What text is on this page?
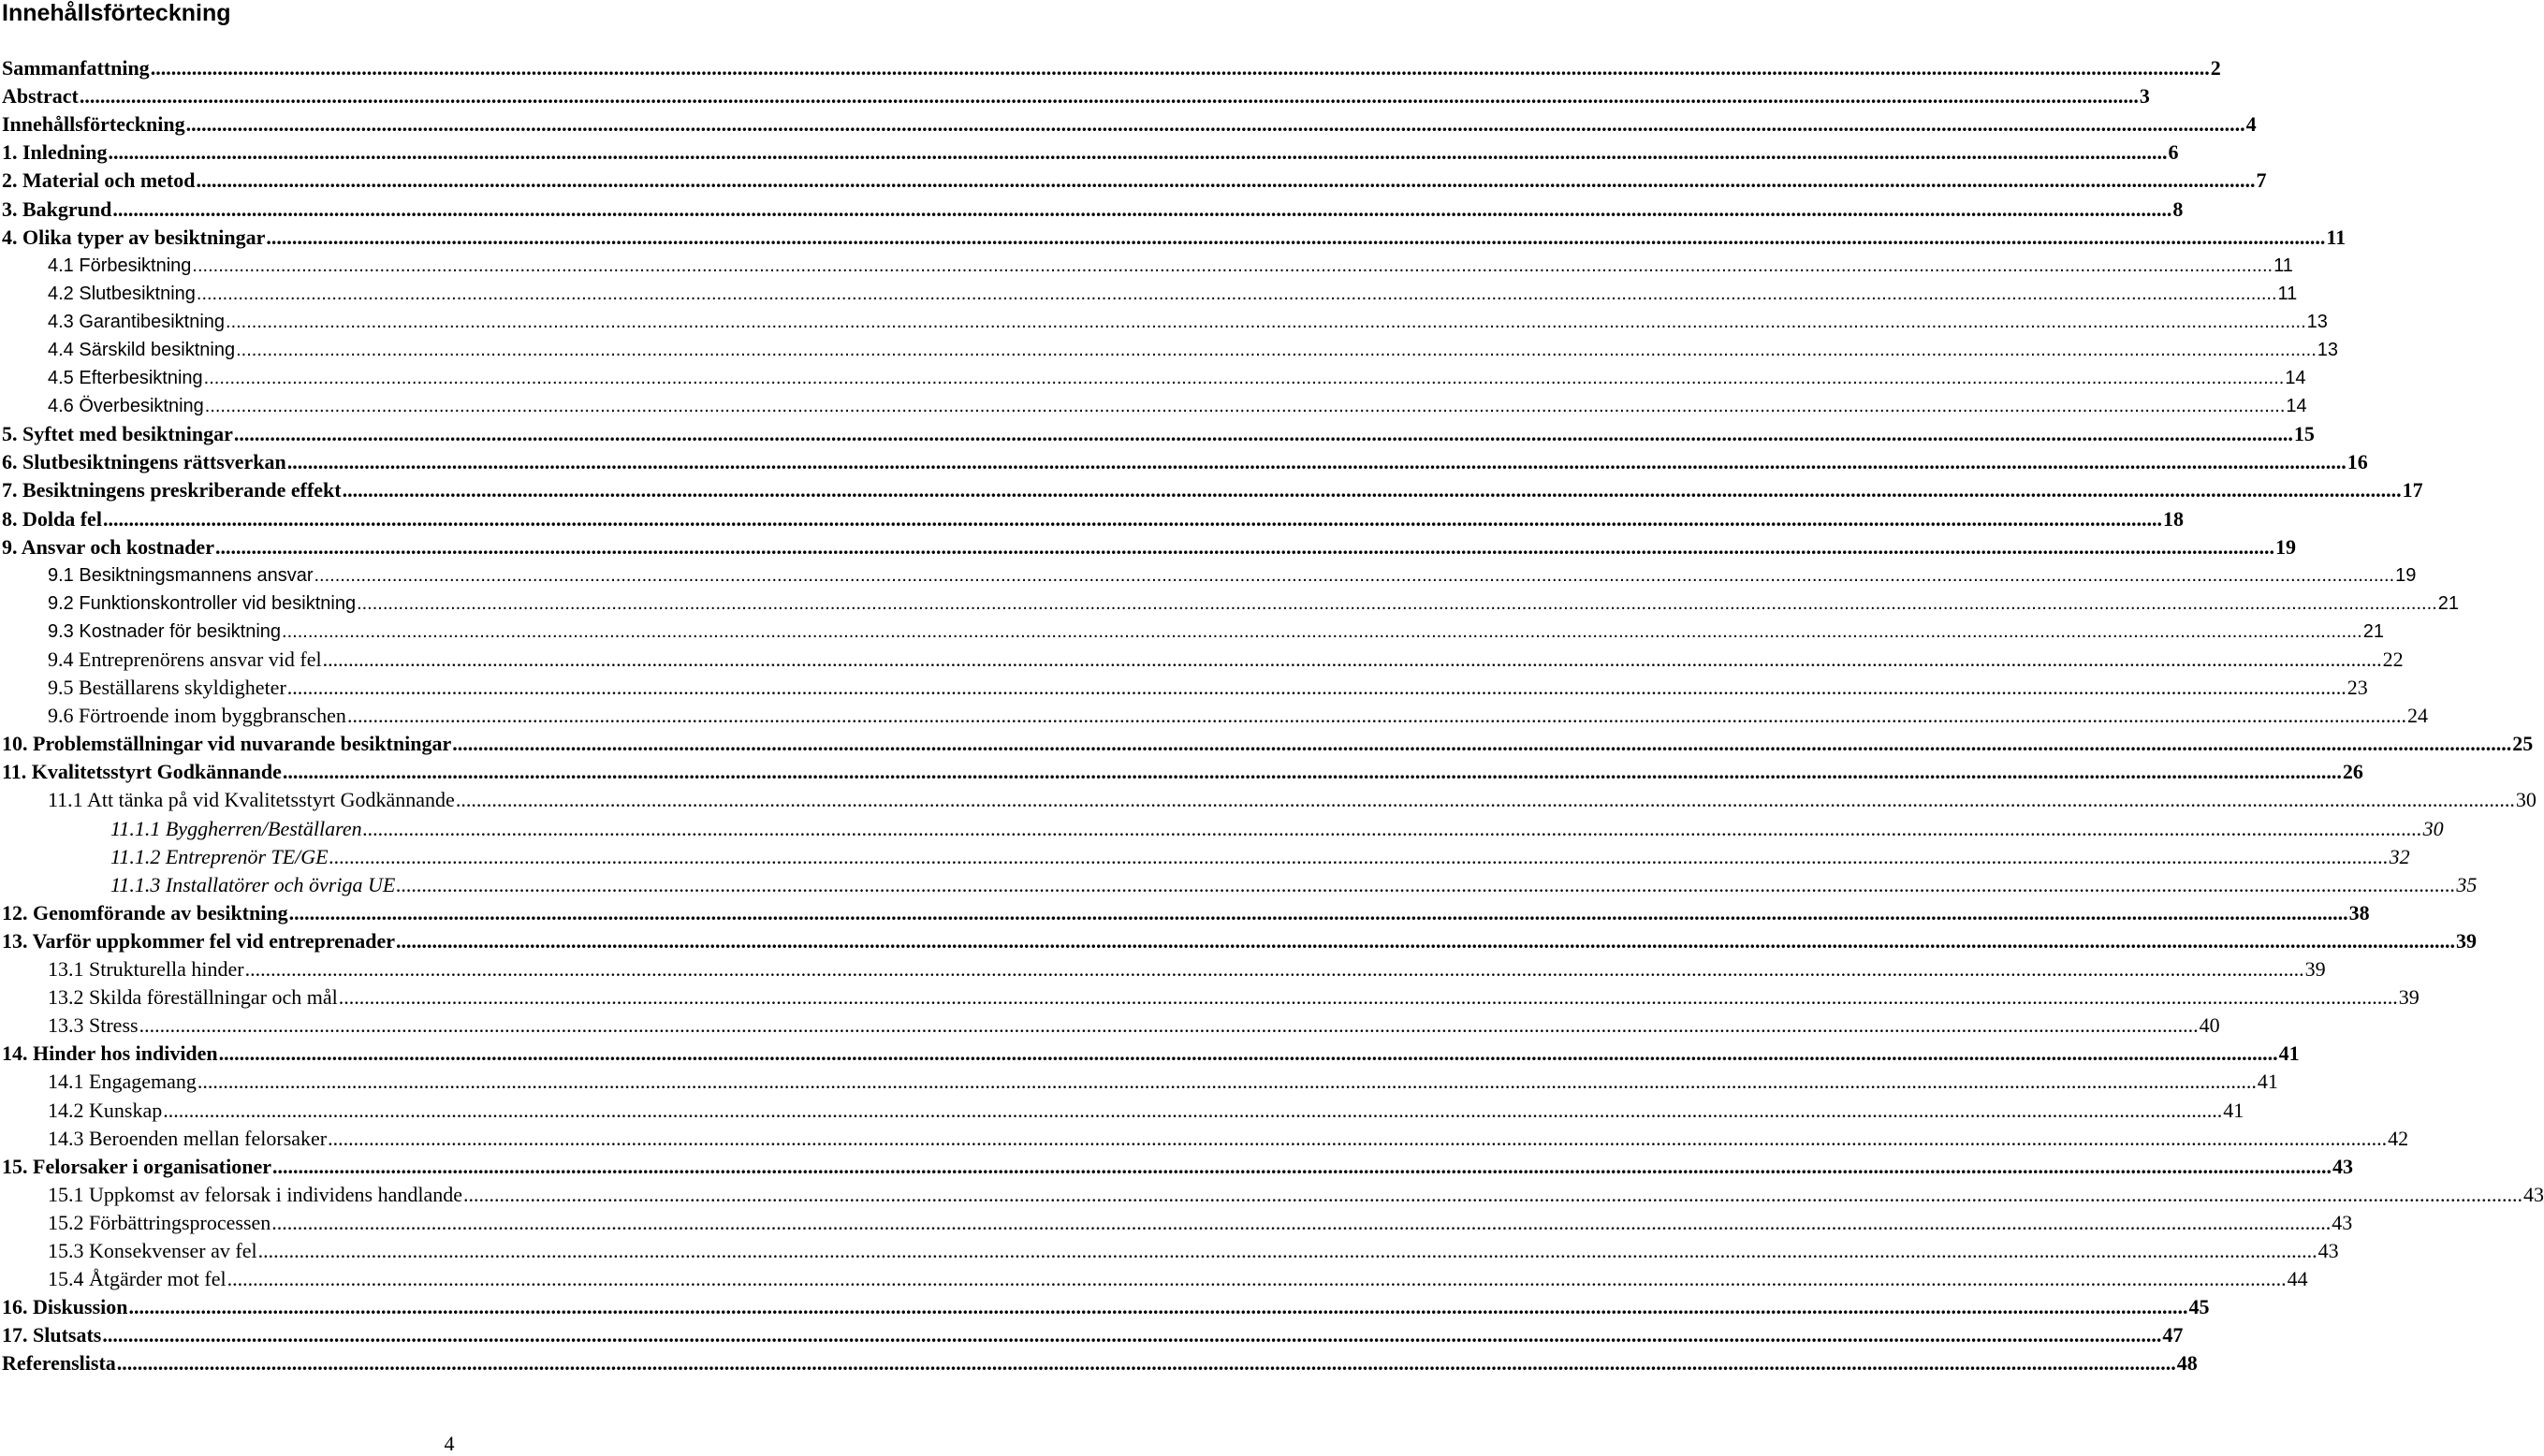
Innehållsförteckning
Sammanfattning ................................................................................................................................................................................................................................................................................................................................................................................................................ 2
Abstract ................................................................................................................................................................................................................................................................................................................................................................................................................ 3
Innehållsförteckning ................................................................................................................................................................................................................................................................................................................................................................................................................ 4
1. Inledning ................................................................................................................................................................................................................................................................................................................................................................................................................ 6
2. Material och metod ................................................................................................................................................................................................................................................................................................................................................................................................................ 7
3. Bakgrund ................................................................................................................................................................................................................................................................................................................................................................................................................ 8
4. Olika typer av besiktningar ................................................................................................................................................................................................................................................................................................................................................................................................................ 11
4.1 Förbesiktning ................................................................................................................................................................................................................................................................................................................................................................................................................ 11
4.2 Slutbesiktning ................................................................................................................................................................................................................................................................................................................................................................................................................ 11
4.3 Garantibesiktning ................................................................................................................................................................................................................................................................................................................................................................................................................ 13
4.4 Särskild besiktning ................................................................................................................................................................................................................................................................................................................................................................................................................ 13
4.5 Efterbesiktning ................................................................................................................................................................................................................................................................................................................................................................................................................ 14
4.6 Överbesiktning ................................................................................................................................................................................................................................................................................................................................................................................................................ 14
5. Syftet med besiktningar ................................................................................................................................................................................................................................................................................................................................................................................................................ 15
6. Slutbesiktningens rättsverkan ................................................................................................................................................................................................................................................................................................................................................................................................................ 16
7. Besiktningens preskriberande effekt ................................................................................................................................................................................................................................................................................................................................................................................................................ 17
8. Dolda fel ................................................................................................................................................................................................................................................................................................................................................................................................................ 18
9. Ansvar och kostnader ................................................................................................................................................................................................................................................................................................................................................................................................................ 19
9.1 Besiktningsmannens ansvar ................................................................................................................................................................................................................................................................................................................................................................................................................ 19
9.2 Funktionskontroller vid besiktning ................................................................................................................................................................................................................................................................................................................................................................................................................ 21
9.3 Kostnader för besiktning ................................................................................................................................................................................................................................................................................................................................................................................................................ 21
9.4 Entreprenörens ansvar vid fel ................................................................................................................................................................................................................................................................................................................................................................................................................ 22
9.5 Beställarens skyldigheter ................................................................................................................................................................................................................................................................................................................................................................................................................ 23
9.6 Förtroende inom byggbranschen ................................................................................................................................................................................................................................................................................................................................................................................................................ 24
10. Problemställningar vid nuvarande besiktningar ................................................................................................................................................................................................................................................................................................................................................................................................................ 25
11. Kvalitetsstyrt Godkännande ................................................................................................................................................................................................................................................................................................................................................................................................................ 26
11.1 Att tänka på vid Kvalitetsstyrt Godkännande ................................................................................................................................................................................................................................................................................................................................................................................................................ 30
11.1.1 Byggherren/Beställaren ................................................................................................................................................................................................................................................................................................................................................................................................................ 30
11.1.2 Entreprenör TE/GE ................................................................................................................................................................................................................................................................................................................................................................................................................ 32
11.1.3 Installatörer och övriga UE ................................................................................................................................................................................................................................................................................................................................................................................................................ 35
12. Genomförande av besiktning ................................................................................................................................................................................................................................................................................................................................................................................................................ 38
13. Varför uppkommer fel vid entreprenader ................................................................................................................................................................................................................................................................................................................................................................................................................ 39
13.1 Strukturella hinder ................................................................................................................................................................................................................................................................................................................................................................................................................ 39
13.2 Skilda föreställningar och mål ................................................................................................................................................................................................................................................................................................................................................................................................................ 39
13.3 Stress ................................................................................................................................................................................................................................................................................................................................................................................................................ 40
14. Hinder hos individen ................................................................................................................................................................................................................................................................................................................................................................................................................ 41
14.1 Engagemang ................................................................................................................................................................................................................................................................................................................................................................................................................ 41
14.2 Kunskap ................................................................................................................................................................................................................................................................................................................................................................................................................ 41
14.3 Beroenden mellan felorsaker ................................................................................................................................................................................................................................................................................................................................................................................................................ 42
15. Felorsaker i organisationer ................................................................................................................................................................................................................................................................................................................................................................................................................ 43
15.1 Uppkomst av felorsak i individens handlande ................................................................................................................................................................................................................................................................................................................................................................................................................ 43
15.2 Förbättringsprocessen ................................................................................................................................................................................................................................................................................................................................................................................................................ 43
15.3 Konsekvenser av fel ................................................................................................................................................................................................................................................................................................................................................................................................................ 43
15.4 Åtgärder mot fel ................................................................................................................................................................................................................................................................................................................................................................................................................ 44
16. Diskussion ................................................................................................................................................................................................................................................................................................................................................................................................................ 45
17. Slutsats ................................................................................................................................................................................................................................................................................................................................................................................................................ 47
Referenslista ................................................................................................................................................................................................................................................................................................................................................................................................................ 48
4
